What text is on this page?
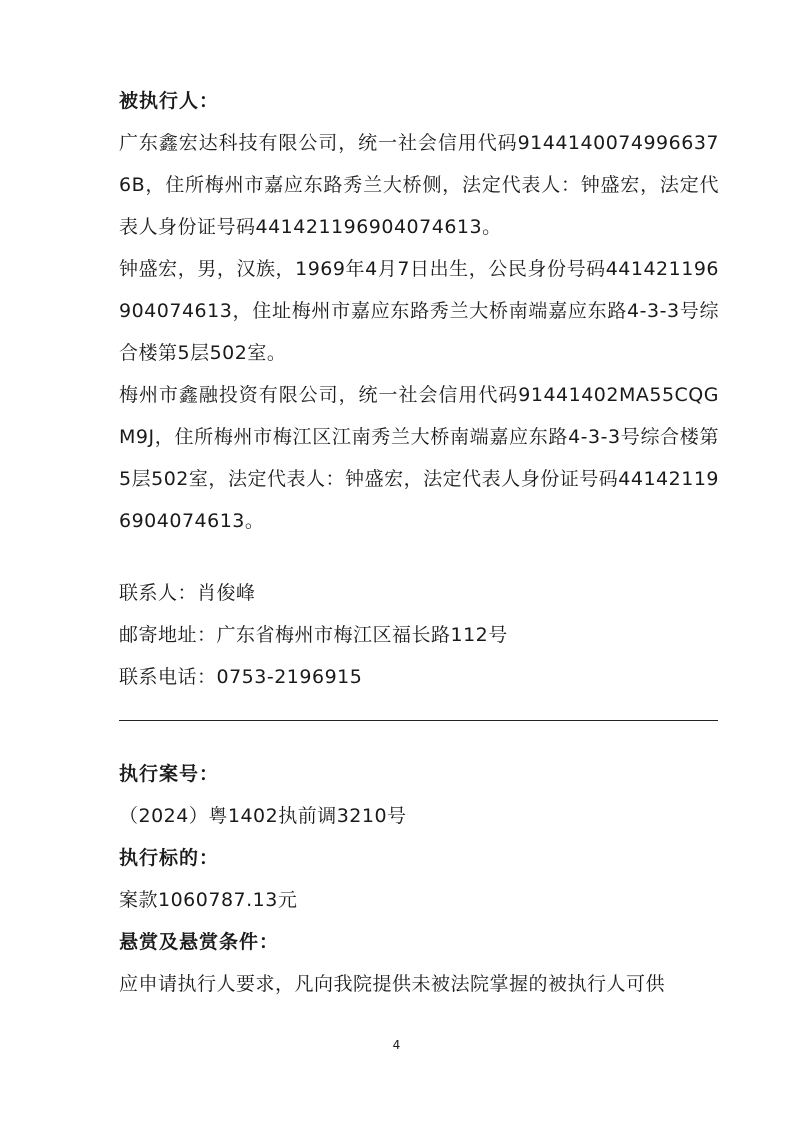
被执行人：
广东鑫宏达科技有限公司，统一社会信用代码91441400749966376B，住所梅州市嘉应东路秀兰大桥侧，法定代表人：钟盛宏，法定代表人身份证号码441421196904074613。
钟盛宏，男，汉族，1969年4月7日出生，公民身份号码441421196904074613，住址梅州市嘉应东路秀兰大桥南端嘉应东路4-3-3号综合楼第5层502室。
梅州市鑫融投资有限公司，统一社会信用代码91441402MA55CQGM9J，住所梅州市梅江区江南秀兰大桥南端嘉应东路4-3-3号综合楼第5层502室，法定代表人：钟盛宏，法定代表人身份证号码441421196904074613。
联系人：肖俊峰
邮寄地址：广东省梅州市梅江区福长路112号
联系电话：0753-2196915
执行案号：
（2024）粤1402执前调3210号
执行标的：
案款1060787.13元
悬赏及悬赏条件：
应申请执行人要求，凡向我院提供未被法院掌握的被执行人可供
4
